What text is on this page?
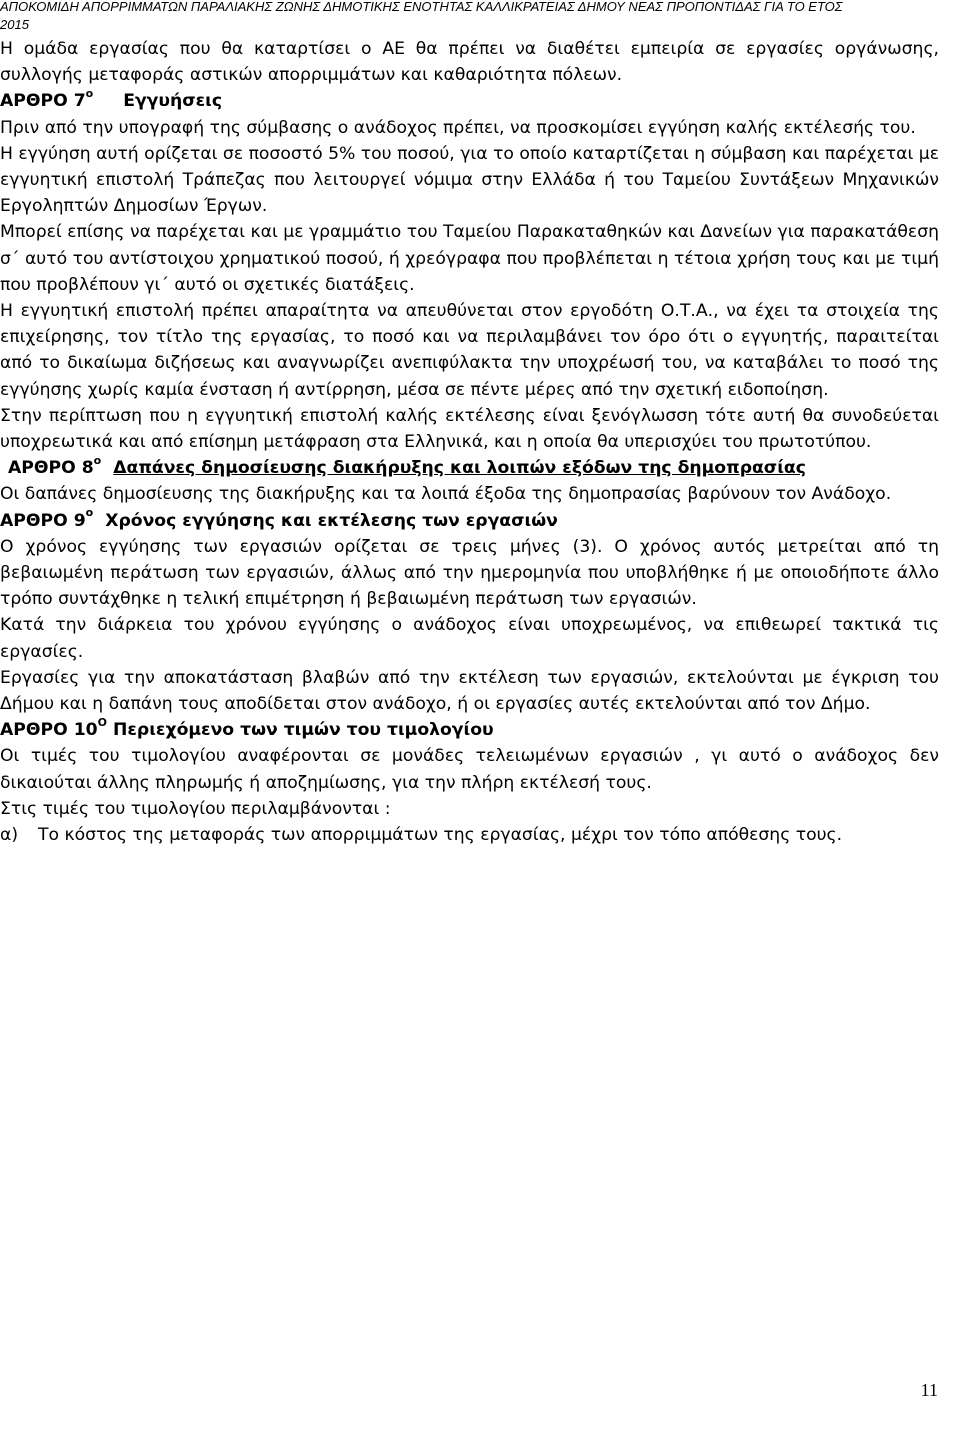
ΑΠΟΚΟΜΙΔΗ ΑΠΟΡΡΙΜΜΑΤΩΝ ΠΑΡΑΛΙΑΚΗΣ ΖΩΝΗΣ ΔΗΜΟΤΙΚΗΣ ΕΝΟΤΗΤΑΣ ΚΑΛΛΙΚΡΑΤΕΙΑΣ ΔΗΜΟΥ ΝΕΑΣ ΠΡΟΠΟΝΤΙΔΑΣ ΓΙΑ ΤΟ ΕΤΟΣ
2015

Η ομάδα εργασίας που θα καταρτίσει ο ΑΕ θα πρέπει να διαθέτει εμπειρία σε εργασίες οργάνωσης, συλλογής μεταφοράς αστικών απορριμμάτων και καθαριότητα πόλεων.

ΑΡΘΡΟ $7^o$ Εγγυήσεις

Πριν από την υπογραφή της σύμβασης ο ανάδοχος πρέπει, να προσκομίσει εγγύηση καλής εκτέλεσής του.

Η εγγύηση αυτή ορίζεται σε ποσοστό 5% του ποσού, για το οποίο καταρτίζεται η σύμβαση και παρέχεται με εγγυητική επιστολή Τράπεζας που λειτουργεί νόμιμα στην Ελλάδα ή του Ταμείου Συντάξεων Μηχανικών Εργοληπτών Δημοσίων Έργων.

Μπορεί επίσης να παρέχεται και με γραμμάτιο του Ταμείου Παρακαταθηκών και Δανείων για παρακατάθεση σ΄ αυτό του αντίστοιχου χρηματικού ποσού, ή χρεόγραφα που προβλέπεται η τέτοια χρήση τους και με τιμή που προβλέπουν γι΄ αυτό οι σχετικές διατάξεις.

Η εγγυητική επιστολή πρέπει απαραίτητα να απευθύνεται στον εργοδότη Ο.Τ.Α., να έχει τα στοιχεία της επιχείρησης, τον τίτλο της εργασίας, το ποσό και να περιλαμβάνει τον όρο ότι ο εγγυητής, παραιτείται από το δικαίωμα διζήσεως και αναγνωρίζει ανεπιφύλακτα την υποχρέωσή του, να καταβάλει το ποσό της εγγύησης χωρίς καμία ένσταση ή αντίρρηση, μέσα σε πέντε μέρες από την σχετική ειδοποίηση.

Στην περίπτωση που η εγγυητική επιστολή καλής εκτέλεσης είναι ξενόγλωσση τότε αυτή θα συνοδεύεται υποχρεωτικά και από επίσημη μετάφραση στα Ελληνικά, και η οποία θα υπερισχύει του πρωτοτύπου.

ΑΡΘΡΟ $8^o$ Δαπάνες δημοσίευσης διακήρυξης και λοιπών εξόδων της δημοπρασίας

Οι δαπάνες δημοσίευσης της διακήρυξης και τα λοιπά έξοδα της δημοπρασίας βαρύνουν τον Ανάδοχο.

ΑΡΘΡΟ $9^o$ Χρόνος εγγύησης και εκτέλεσης των εργασιών

Ο χρόνος εγγύησης των εργασιών ορίζεται σε τρεις μήνες (3). Ο χρόνος αυτός μετρείται από τη βεβαιωμένη περάτωση των εργασιών, άλλως από την ημερομηνία που υποβλήθηκε ή με οποιοδήποτε άλλο τρόπο συντάχθηκε η τελική επιμέτρηση ή βεβαιωμένη περάτωση των εργασιών.

Κατά την διάρκεια του χρόνου εγγύησης ο ανάδοχος είναι υποχρεωμένος, να επιθεωρεί τακτικά τις εργασίες.

Εργασίες για την αποκατάσταση βλαβών από την εκτέλεση των εργασιών, εκτελούνται με έγκριση του Δήμου και η δαπάνη τους αποδίδεται στον ανάδοχο, ή οι εργασίες αυτές εκτελούνται από τον Δήμο.

ΑΡΘΡΟ $10^O$ Περιεχόμενο των τιμών του τιμολογίου

Οι τιμές του τιμολογίου αναφέρονται σε μονάδες τελειωμένων εργασιών , γι αυτό ο ανάδοχος δεν δικαιούται άλλης πληρωμής ή αποζημίωσης, για την πλήρη εκτέλεσή τους.

Στις τιμές του τιμολογίου περιλαμβάνονται :

α) Το κόστος της μεταφοράς των απορριμμάτων της εργασίας, μέχρι τον τόπο απόθεσης τους.

11
